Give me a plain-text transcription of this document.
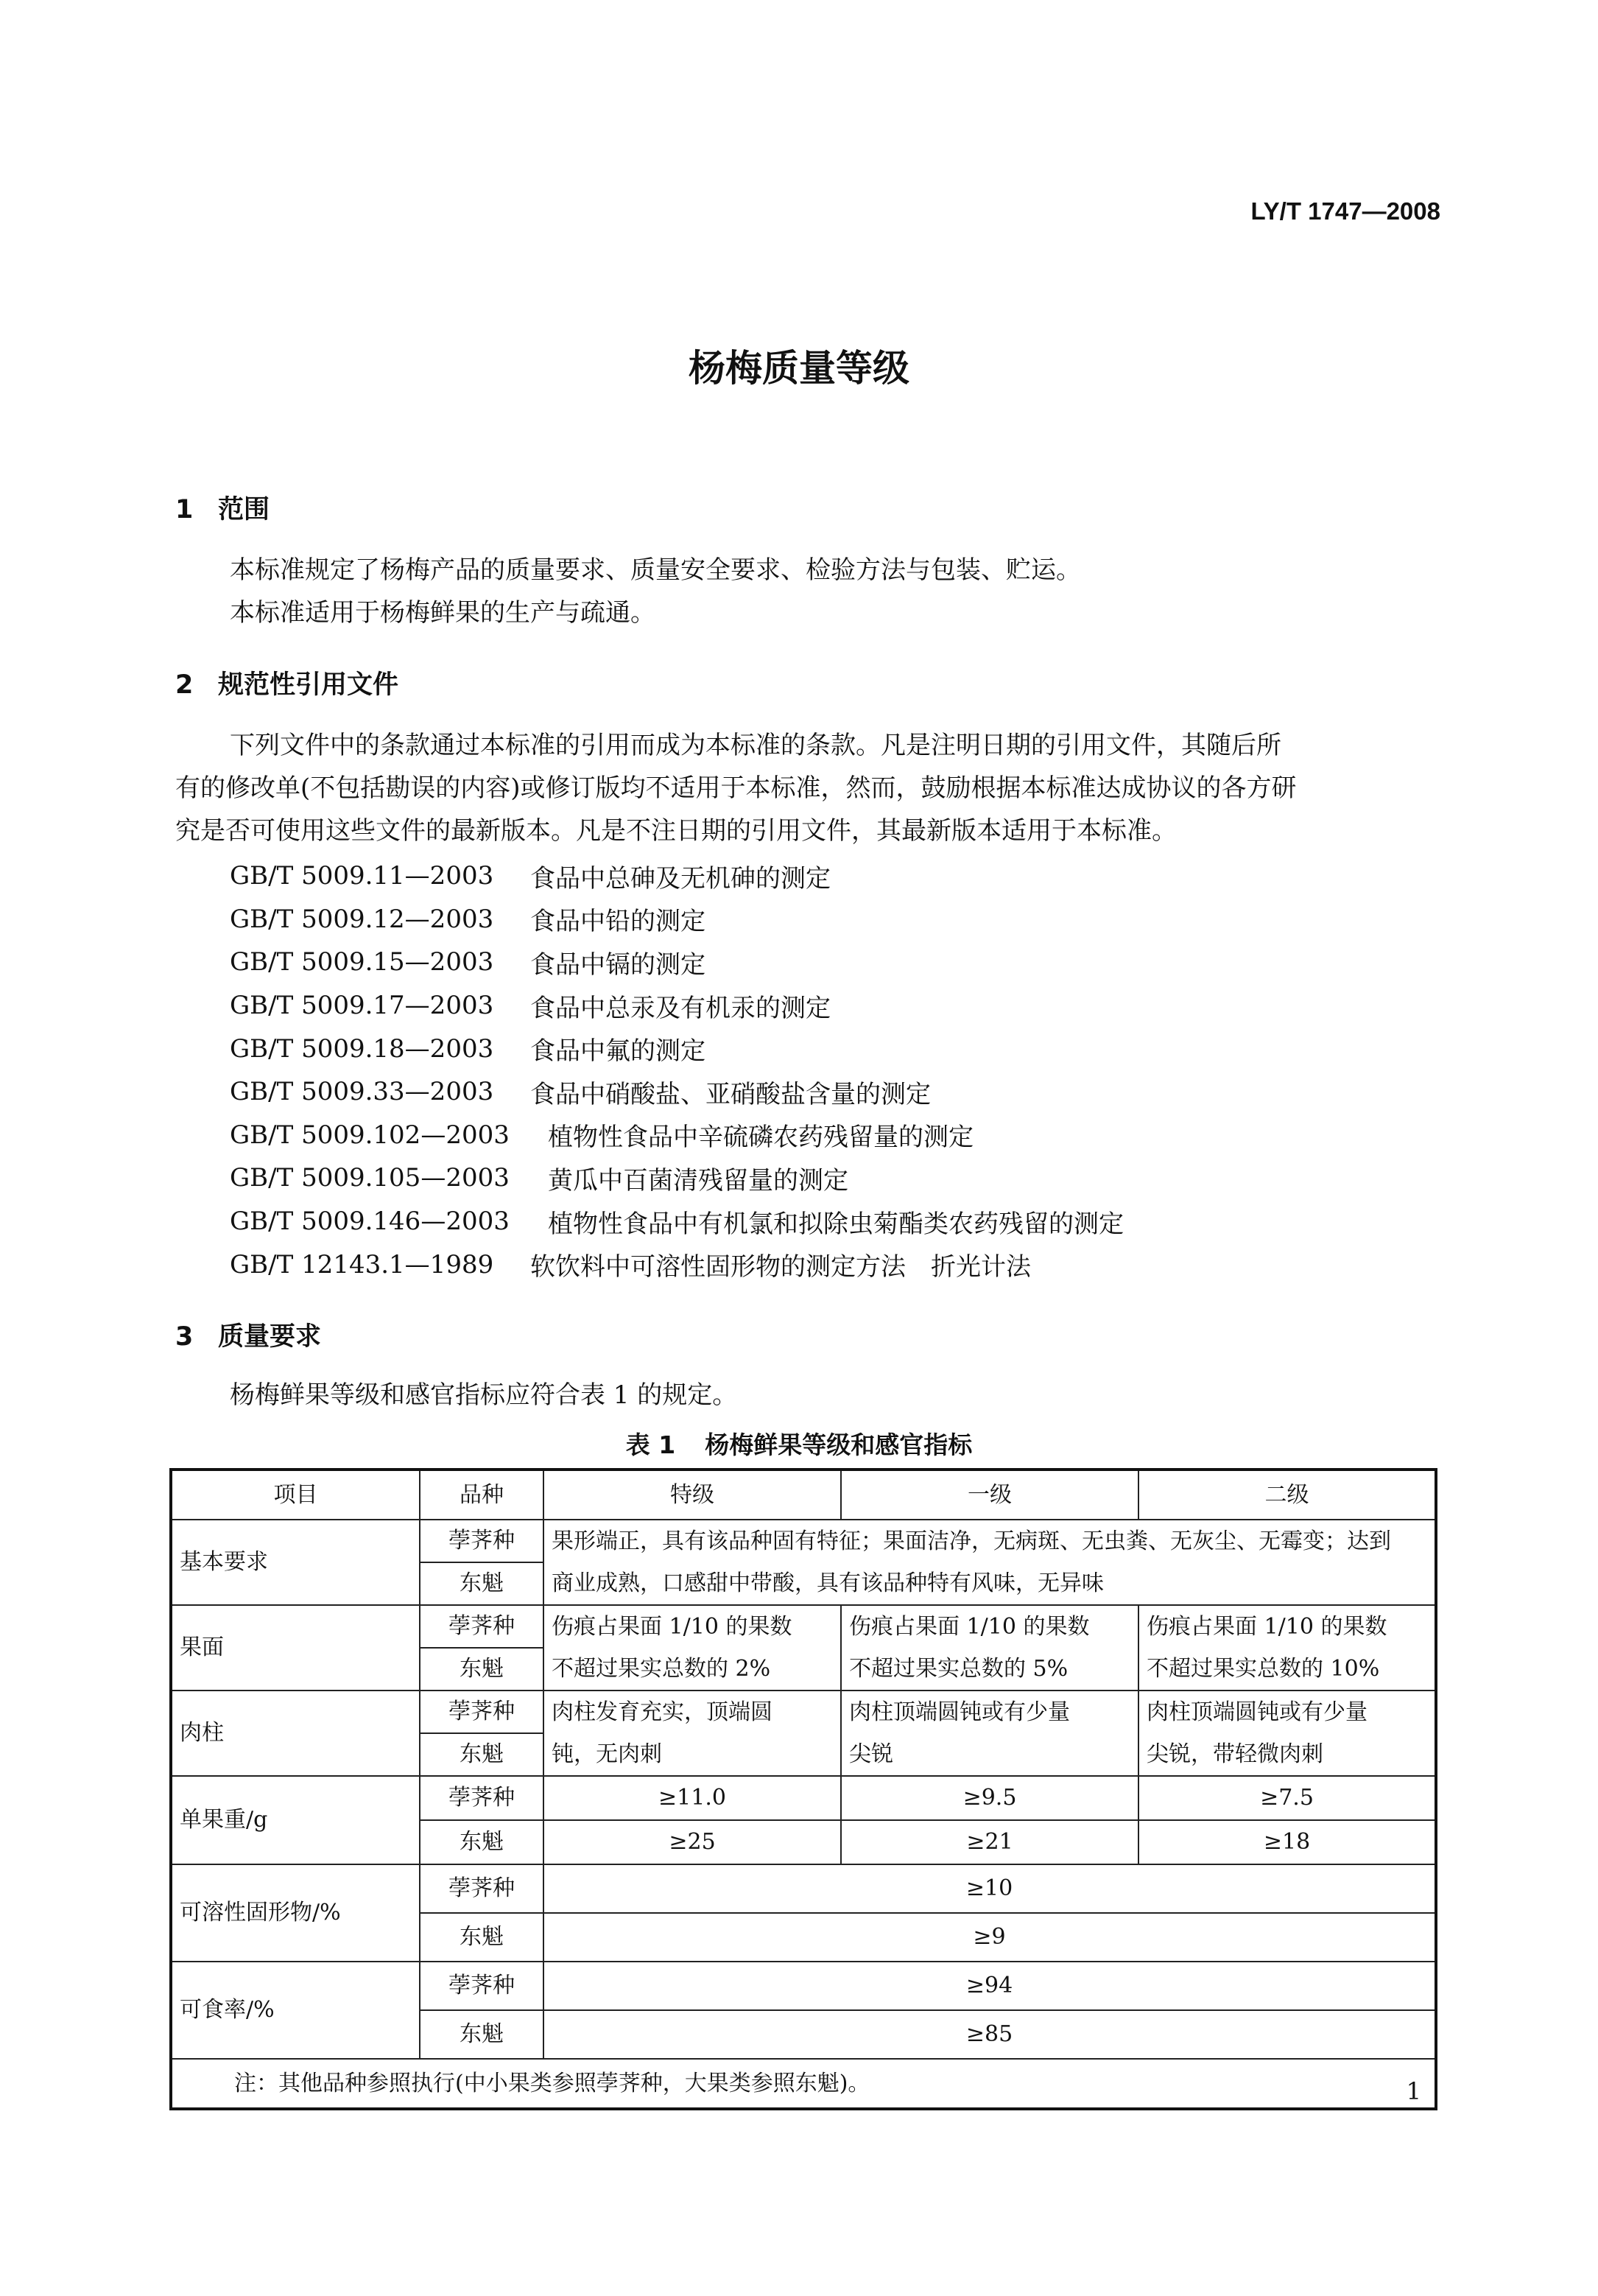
LY/T 1747—2008
杨梅质量等级
1 范围

本标准规定了杨梅产品的质量要求、质量安全要求、检验方法与包装、贮运。

本标准适用于杨梅鲜果的生产与疏通。

2 规范性引用文件

下列文件中的条款通过本标准的引用而成为本标准的条款。凡是注明日期的引用文件，其随后所

有的修改单(不包括勘误的内容)或修订版均不适用于本标准，然而，鼓励根据本标准达成协议的各方研

究是否可使用这些文件的最新版本。凡是不注日期的引用文件，其最新版本适用于本标准。

GB/T 5009.11—2003	食品中总砷及无机砷的测定
GB/T 5009.12—2003	食品中铅的测定
GB/T 5009.15—2003	食品中镉的测定
GB/T 5009.17—2003	食品中总汞及有机汞的测定
GB/T 5009.18—2003	食品中氟的测定
GB/T 5009.33—2003	食品中硝酸盐、亚硝酸盐含量的测定
GB/T 5009.102—2003	植物性食品中辛硫磷农药残留量的测定
GB/T 5009.105—2003	黄瓜中百菌清残留量的测定
GB/T 5009.146—2003	植物性食品中有机氯和拟除虫菊酯类农药残留的测定
GB/T 12143.1—1989	软饮料中可溶性固形物的测定方法　折光计法
3 质量要求

杨梅鲜果等级和感官指标应符合表 1 的规定。

表 1 杨梅鲜果等级和感官指标
项目	品种	特级	一级	二级
基本要求	荸荠种	果形端正，具有该品种固有特征；果面洁净，无病斑、无虫粪、无灰尘、无霉变；达到		
	东魁	商业成熟，口感甜中带酸，具有该品种特有风味，无异味		
果面	荸荠种	伤痕占果面 1/10 的果数	伤痕占果面 1/10 的果数	伤痕占果面 1/10 的果数
	东魁	不超过果实总数的 2%	不超过果实总数的 5%	不超过果实总数的 10%
肉柱	荸荠种	肉柱发育充实，顶端圆	肉柱顶端圆钝或有少量	肉柱顶端圆钝或有少量
	东魁	钝，无肉刺	尖锐	尖锐，带轻微肉刺
单果重/g	荸荠种	≥11.0	≥9.5	≥7.5
	东魁	≥25	≥21	≥18
可溶性固形物/%	荸荠种	≥10		
	东魁	≥9		
可食率/%	荸荠种	≥94		
	东魁	≥85		
注：其他品种参照执行(中小果类参照荸荠种，大果类参照东魁)。					1
